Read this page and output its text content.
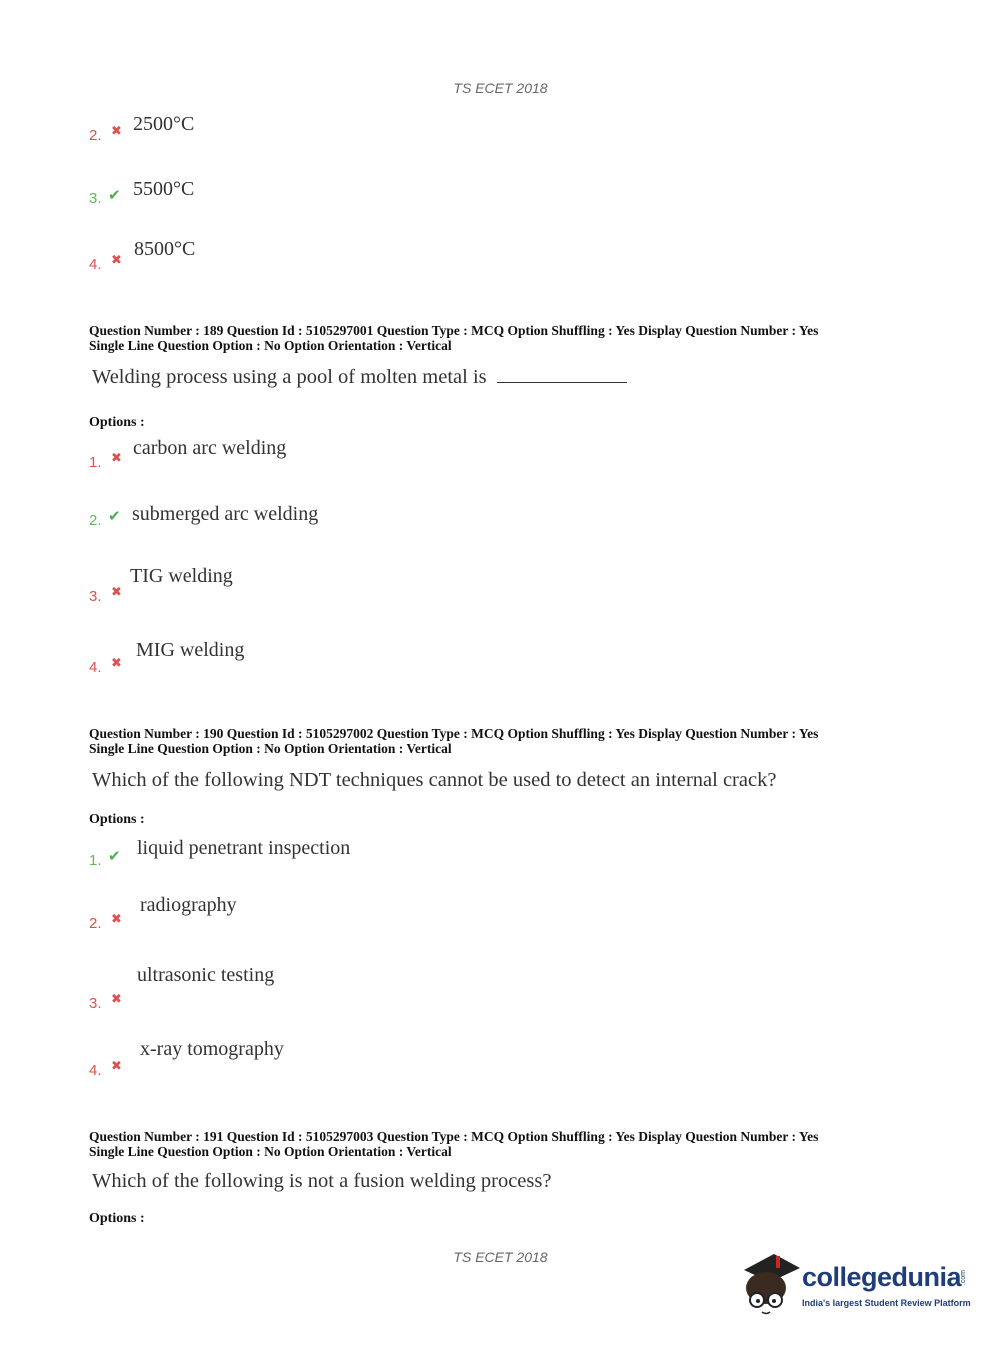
TS ECET 2018
2. ✖ 2500°C
3. ✔ 5500°C
4. ✖
8500°C
Question Number : 189 Question Id : 5105297001 Question Type : MCQ Option Shuffling : Yes Display Question Number : Yes
Single Line Question Option : No Option Orientation : Vertical
Welding process using a pool of molten metal is
Options :
1. ✖ carbon arc welding
2. ✔ submerged arc welding
3. ✖
TIG welding
4. ✖
MIG welding
Question Number : 190 Question Id : 5105297002 Question Type : MCQ Option Shuffling : Yes Display Question Number : Yes
Single Line Question Option : No Option Orientation : Vertical
Which of the following NDT techniques cannot be used to detect an internal crack?
Options :
1. ✔ liquid penetrant inspection
2. ✖
radiography
3. ✖
ultrasonic testing
4. ✖
x-ray tomography
Question Number : 191 Question Id : 5105297003 Question Type : MCQ Option Shuffling : Yes Display Question Number : Yes
Single Line Question Option : No Option Orientation : Vertical
Which of the following is not a fusion welding process?
Options :
TS ECET 2018
collegedunia
.com
India's largest Student Review Platform
